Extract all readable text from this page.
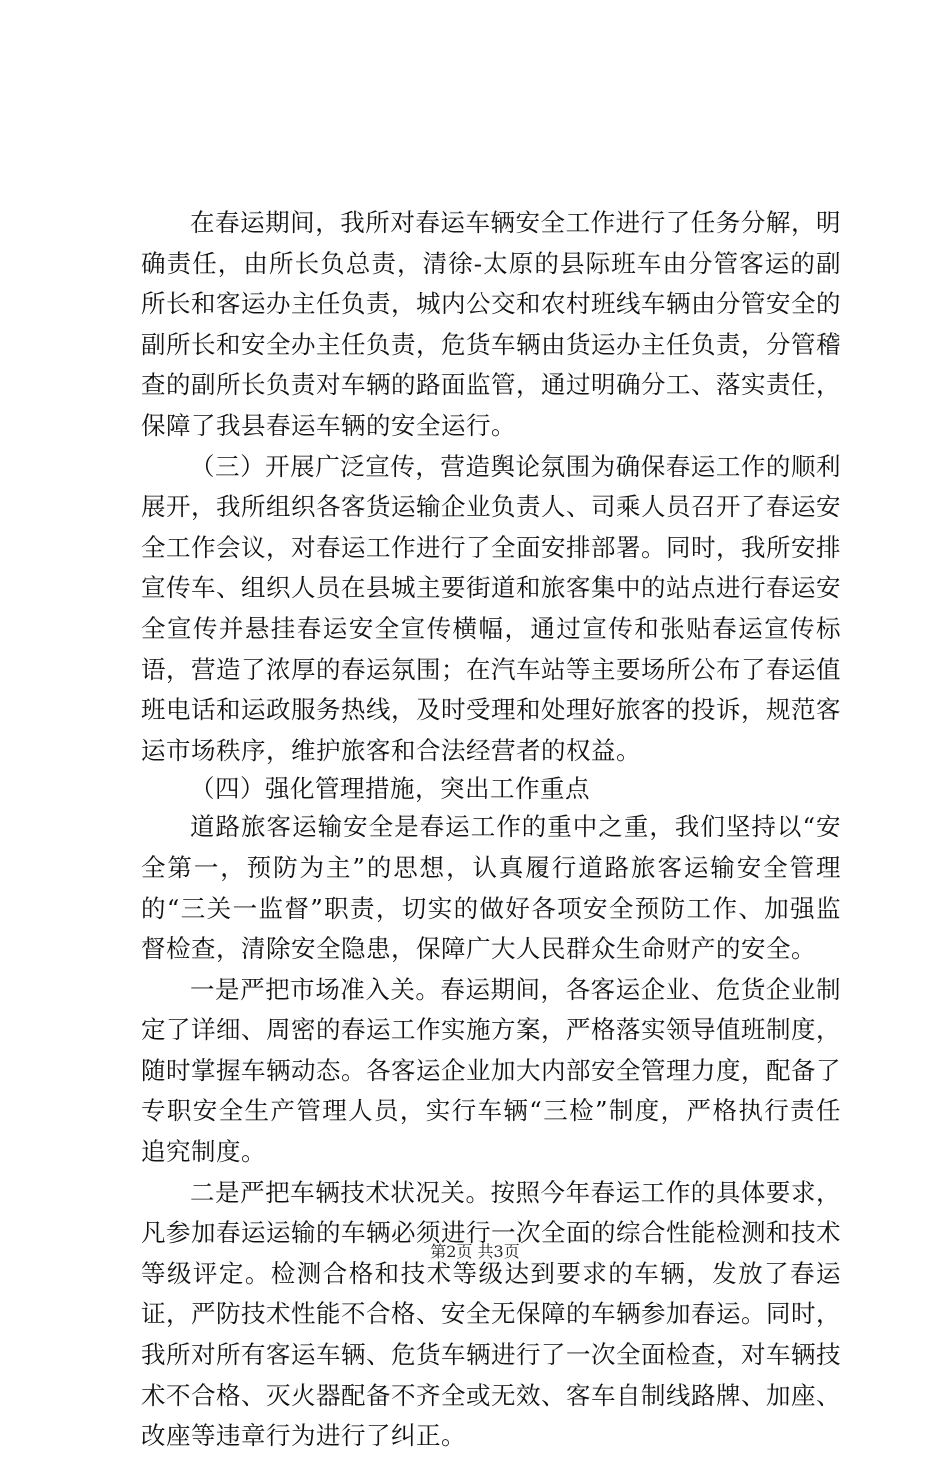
在春运期间，我所对春运车辆安全工作进行了任务分解，明确责任，由所长负总责，清徐-太原的县际班车由分管客运的副所长和客运办主任负责，城内公交和农村班线车辆由分管安全的副所长和安全办主任负责，危货车辆由货运办主任负责，分管稽查的副所长负责对车辆的路面监管，通过明确分工、落实责任，保障了我县春运车辆的安全运行。

（三）开展广泛宣传，营造舆论氛围为确保春运工作的顺利展开，我所组织各客货运输企业负责人、司乘人员召开了春运安全工作会议，对春运工作进行了全面安排部署。同时，我所安排宣传车、组织人员在县城主要街道和旅客集中的站点进行春运安全宣传并悬挂春运安全宣传横幅，通过宣传和张贴春运宣传标语，营造了浓厚的春运氛围；在汽车站等主要场所公布了春运值班电话和运政服务热线，及时受理和处理好旅客的投诉，规范客运市场秩序，维护旅客和合法经营者的权益。

（四）强化管理措施，突出工作重点

道路旅客运输安全是春运工作的重中之重，我们坚持以“安全第一，预防为主”的思想，认真履行道路旅客运输安全管理的“三关一监督”职责，切实的做好各项安全预防工作、加强监督检查，清除安全隐患，保障广大人民群众生命财产的安全。

一是严把市场准入关。春运期间，各客运企业、危货企业制定了详细、周密的春运工作实施方案，严格落实领导值班制度，随时掌握车辆动态。各客运企业加大内部安全管理力度，配备了专职安全生产管理人员，实行车辆“三检”制度，严格执行责任追究制度。

二是严把车辆技术状况关。按照今年春运工作的具体要求，凡参加春运运输的车辆必须进行一次全面的综合性能检测和技术等级评定。检测合格和技术等级达到要求的车辆，发放了春运证，严防技术性能不合格、安全无保障的车辆参加春运。同时，我所对所有客运车辆、危货车辆进行了一次全面检查，对车辆技术不合格、灭火器配备不齐全或无效、客车自制线路牌、加座、改座等违章行为进行了纠正。

第2页 共3页
